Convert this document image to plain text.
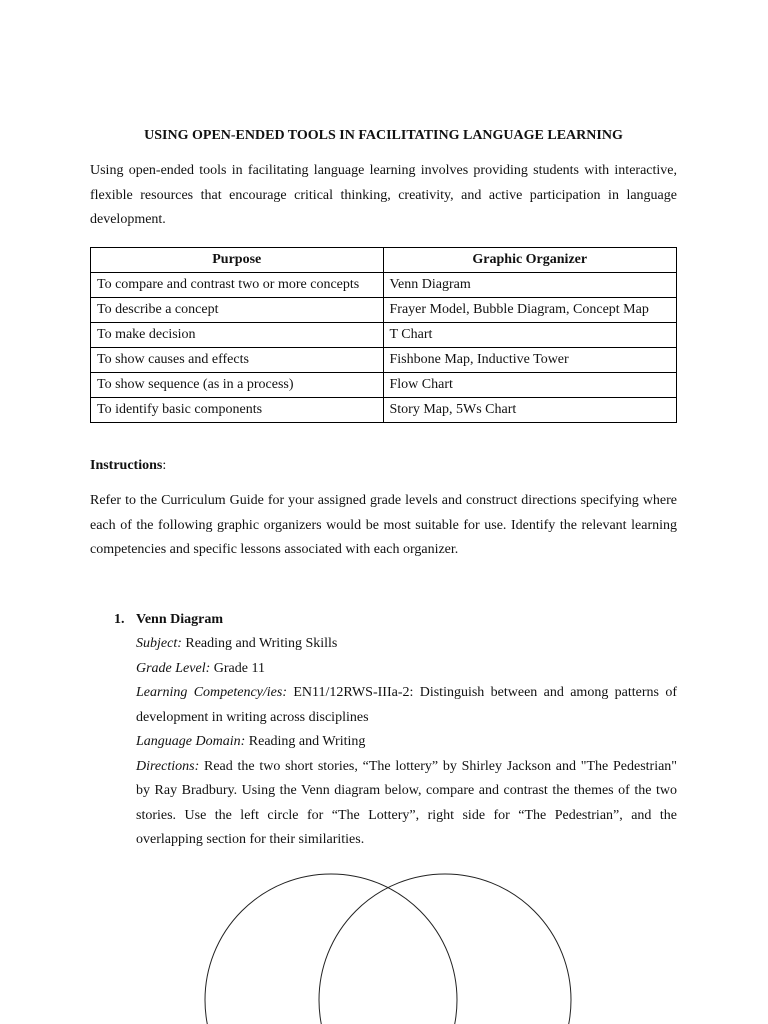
USING OPEN-ENDED TOOLS IN FACILITATING LANGUAGE LEARNING
Using open-ended tools in facilitating language learning involves providing students with interactive, flexible resources that encourage critical thinking, creativity, and active participation in language development.
Purpose	Graphic Organizer
To compare and contrast two or more concepts	Venn Diagram
To describe a concept	Frayer Model, Bubble Diagram, Concept Map
To make decision	T Chart
To show causes and effects	Fishbone Map, Inductive Tower
To show sequence (as in a process)	Flow Chart
To identify basic components	Story Map, 5Ws Chart
Instructions:
Refer to the Curriculum Guide for your assigned grade levels and construct directions specifying where each of the following graphic organizers would be most suitable for use. Identify the relevant learning competencies and specific lessons associated with each organizer.
1. Venn Diagram

Subject: Reading and Writing Skills

Grade Level: Grade 11

Learning Competency/ies: EN11/12RWS-IIIa-2: Distinguish between and among patterns of development in writing across disciplines

Language Domain: Reading and Writing

Directions: Read the two short stories, “The lottery” by Shirley Jackson and "The Pedestrian" by Ray Bradbury. Using the Venn diagram below, compare and contrast the themes of the two stories. Use the left circle for “The Lottery”, right side for “The Pedestrian”, and the overlapping section for their similarities.
